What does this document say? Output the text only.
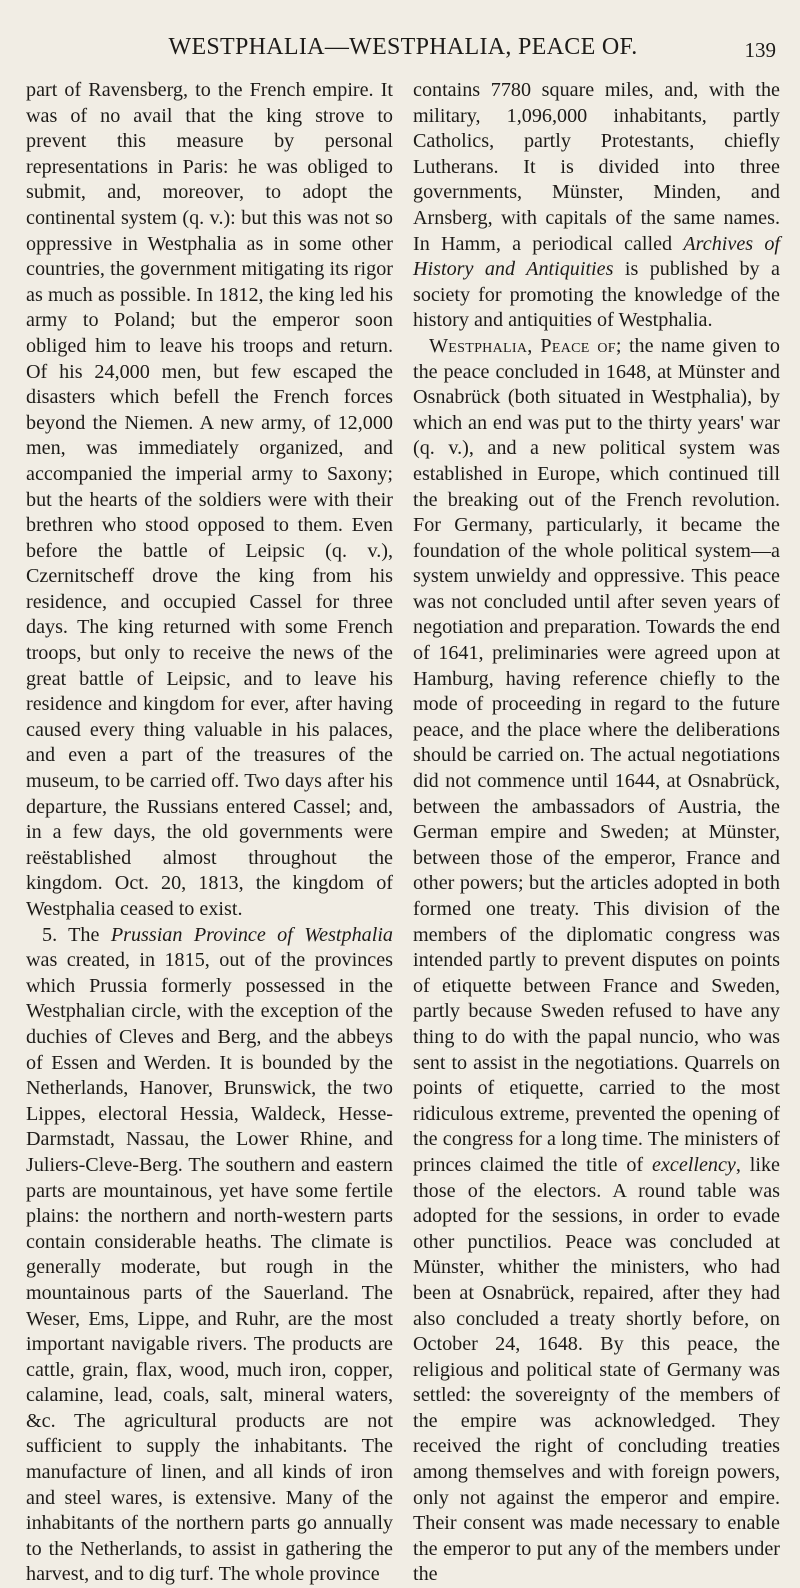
WESTPHALIA—WESTPHALIA, PEACE OF.	139

part of Ravensberg, to the French empire. It was of no avail that the king strove to prevent this measure by personal representations in Paris: he was obliged to submit, and, moreover, to adopt the continental system (q. v.): but this was not so oppressive in Westphalia as in some other countries, the government mitigating its rigor as much as possible. In 1812, the king led his army to Poland; but the emperor soon obliged him to leave his troops and return. Of his 24,000 men, but few escaped the disasters which befell the French forces beyond the Niemen. A new army, of 12,000 men, was immediately organized, and accompanied the imperial army to Saxony; but the hearts of the soldiers were with their brethren who stood opposed to them. Even before the battle of Leipsic (q. v.), Czernitscheff drove the king from his residence, and occupied Cassel for three days. The king returned with some French troops, but only to receive the news of the great battle of Leipsic, and to leave his residence and kingdom for ever, after having caused every thing valuable in his palaces, and even a part of the treasures of the museum, to be carried off. Two days after his departure, the Russians entered Cassel; and, in a few days, the old governments were reëstablished almost throughout the kingdom. Oct. 20, 1813, the kingdom of Westphalia ceased to exist.

5. The Prussian Province of Westphalia was created, in 1815, out of the provinces which Prussia formerly possessed in the Westphalian circle, with the exception of the duchies of Cleves and Berg, and the abbeys of Essen and Werden. It is bounded by the Netherlands, Hanover, Brunswick, the two Lippes, electoral Hessia, Waldeck, Hesse-Darmstadt, Nassau, the Lower Rhine, and Juliers-Cleve-Berg. The southern and eastern parts are mountainous, yet have some fertile plains: the northern and north-western parts contain considerable heaths. The climate is generally moderate, but rough in the mountainous parts of the Sauerland. The Weser, Ems, Lippe, and Ruhr, are the most important navigable rivers. The products are cattle, grain, flax, wood, much iron, copper, calamine, lead, coals, salt, mineral waters, &c. The agricultural products are not sufficient to supply the inhabitants. The manufacture of linen, and all kinds of iron and steel wares, is extensive. Many of the inhabitants of the northern parts go annually to the Netherlands, to assist in gathering the harvest, and to dig turf. The whole province

contains 7780 square miles, and, with the military, 1,096,000 inhabitants, partly Catholics, partly Protestants, chiefly Lutherans. It is divided into three governments, Münster, Minden, and Arnsberg, with capitals of the same names. In Hamm, a periodical called Archives of History and Antiquities is published by a society for promoting the knowledge of the history and antiquities of Westphalia.

Westphalia, Peace of; the name given to the peace concluded in 1648, at Münster and Osnabrück (both situated in Westphalia), by which an end was put to the thirty years' war (q. v.), and a new political system was established in Europe, which continued till the breaking out of the French revolution. For Germany, particularly, it became the foundation of the whole political system—a system unwieldy and oppressive. This peace was not concluded until after seven years of negotiation and preparation. Towards the end of 1641, preliminaries were agreed upon at Hamburg, having reference chiefly to the mode of proceeding in regard to the future peace, and the place where the deliberations should be carried on. The actual negotiations did not commence until 1644, at Osnabrück, between the ambassadors of Austria, the German empire and Sweden; at Münster, between those of the emperor, France and other powers; but the articles adopted in both formed one treaty. This division of the members of the diplomatic congress was intended partly to prevent disputes on points of etiquette between France and Sweden, partly because Sweden refused to have any thing to do with the papal nuncio, who was sent to assist in the negotiations. Quarrels on points of etiquette, carried to the most ridiculous extreme, prevented the opening of the congress for a long time. The ministers of princes claimed the title of excellency, like those of the electors. A round table was adopted for the sessions, in order to evade other punctilios. Peace was concluded at Münster, whither the ministers, who had been at Osnabrück, repaired, after they had also concluded a treaty shortly before, on October 24, 1648. By this peace, the religious and political state of Germany was settled: the sovereignty of the members of the empire was acknowledged. They received the right of concluding treaties among themselves and with foreign powers, only not against the emperor and empire. Their consent was made necessary to enable the emperor to put any of the members under the
